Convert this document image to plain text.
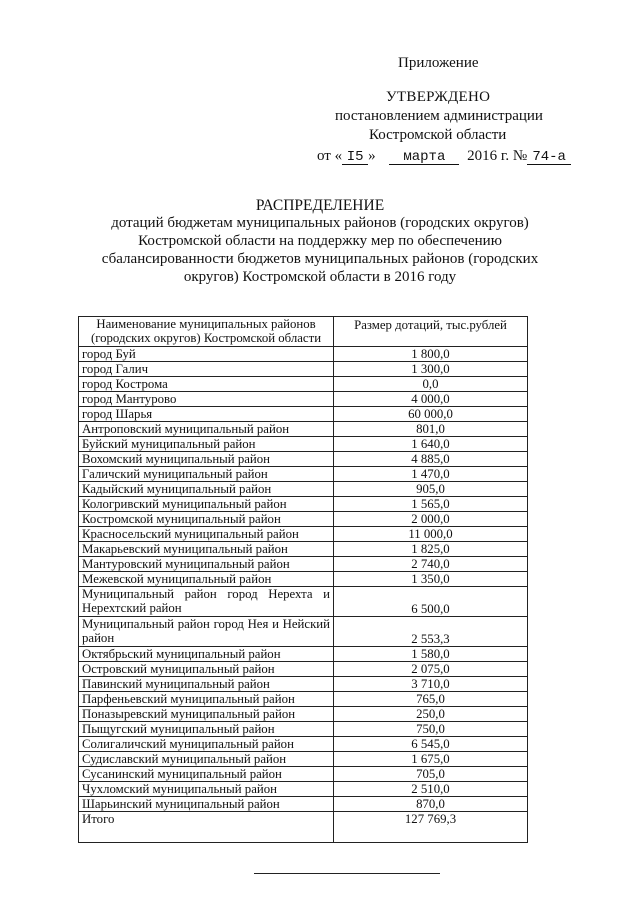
Приложение
УТВЕРЖДЕНО
постановлением администрации
Костромской области
от « I5 » марта 2016 г. № 74-а
РАСПРЕДЕЛЕНИЕ
дотаций бюджетам муниципальных районов (городских округов)
Костромской области на поддержку мер по обеспечению
сбалансированности бюджетов муниципальных районов (городских
округов) Костромской области в 2016 году
Наименование муниципальных районов (городских округов) Костромской области	Размер дотаций, тыс.рублей
город Буй	1 800,0
город Галич	1 300,0
город Кострома	0,0
город Мантурово	4 000,0
город Шарья	60 000,0
Антроповский муниципальный район	801,0
Буйский муниципальный район	1 640,0
Вохомский муниципальный район	4 885,0
Галичский муниципальный район	1 470,0
Кадыйский муниципальный район	905,0
Кологривский муниципальный район	1 565,0
Костромской муниципальный район	2 000,0
Красносельский муниципальный район	11 000,0
Макарьевский муниципальный район	1 825,0
Мантуровский муниципальный район	2 740,0
Межевской муниципальный район	1 350,0
Муниципальный район город Нерехта и Нерехтский район	6 500,0
Муниципальный район город Нея и Нейский район	2 553,3
Октябрьский муниципальный район	1 580,0
Островский муниципальный район	2 075,0
Павинский муниципальный район	3 710,0
Парфеньевский муниципальный район	765,0
Поназыревский муниципальный район	250,0
Пыщугский муниципальный район	750,0
Солигаличский муниципальный район	6 545,0
Судиславский муниципальный район	1 675,0
Сусанинский муниципальный район	705,0
Чухломский муниципальный район	2 510,0
Шарьинский муниципальный район	870,0
Итого	127 769,3
